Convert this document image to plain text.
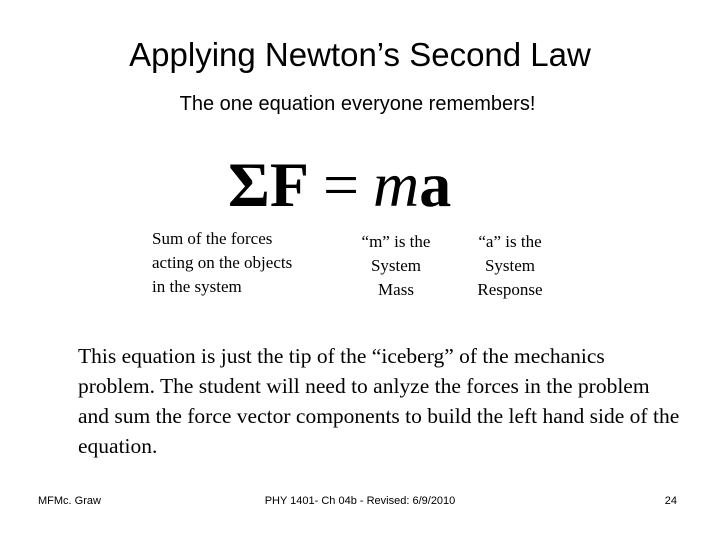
Applying Newton’s Second Law
The one equation everyone remembers!
ΣF = ma
Sum of the forces
acting on the objects
in the system
“m” is the
System
Mass
“a” is the
System
Response
This equation is just the tip of the “iceberg” of the mechanics problem. The student will need to anlyze the forces in the problem and sum the force vector components to build the left hand side of the equation.
MFMc. Graw	PHY 1401- Ch 04b - Revised: 6/9/2010	24
